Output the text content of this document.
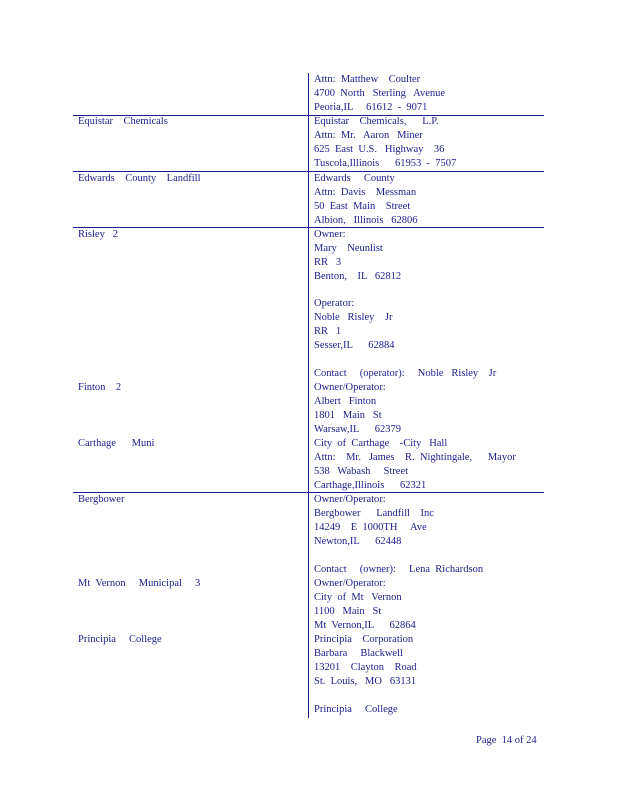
Attn:  Matthew    Coulter
4700  North   Sterling   Avenue
Peoria,IL     61612  -  9071
Equistar    Chemicals	Equistar    Chemicals,      L.P.
Attn:  Mr.   Aaron   Miner
625  East  U.S.   Highway    36
Tuscola,Illinois      61953  -  7507
Edwards    County    Landfill	Edwards     County
Attn:  Davis    Messman
50  East  Main    Street
Albion,   Illinois   62806
Risley   2	Owner:
Mary    Neunlist
RR   3
Benton,    IL   62812
Operator:
Noble   Risley    Jr
RR   1
Sesser,IL      62884
Contact     (operator):     Noble   Risley    Jr
Finton    2	Owner/Operator:
Albert   Finton
1801   Main   St
Warsaw,IL      62379
Carthage      Muni	City  of  Carthage    -City   Hall
Attn:    Mr.   James    R.  Nightingale,      Mayor
538   Wabash     Street
Carthage,Illinois      62321
Bergbower	Owner/Operator:
Bergbower      Landfill    Inc
14249    E  1000TH     Ave
Newton,IL      62448
Contact     (owner):     Lena  Richardson
Mt  Vernon     Municipal     3	Owner/Operator:
City  of  Mt   Vernon
1100   Main   St
Mt  Vernon,IL      62864
Principia     College	Principia    Corporation
Barbara     Blackwell
13201    Clayton    Road
St.  Louis,   MO   63131
Principia     College
Page  14 of 24
